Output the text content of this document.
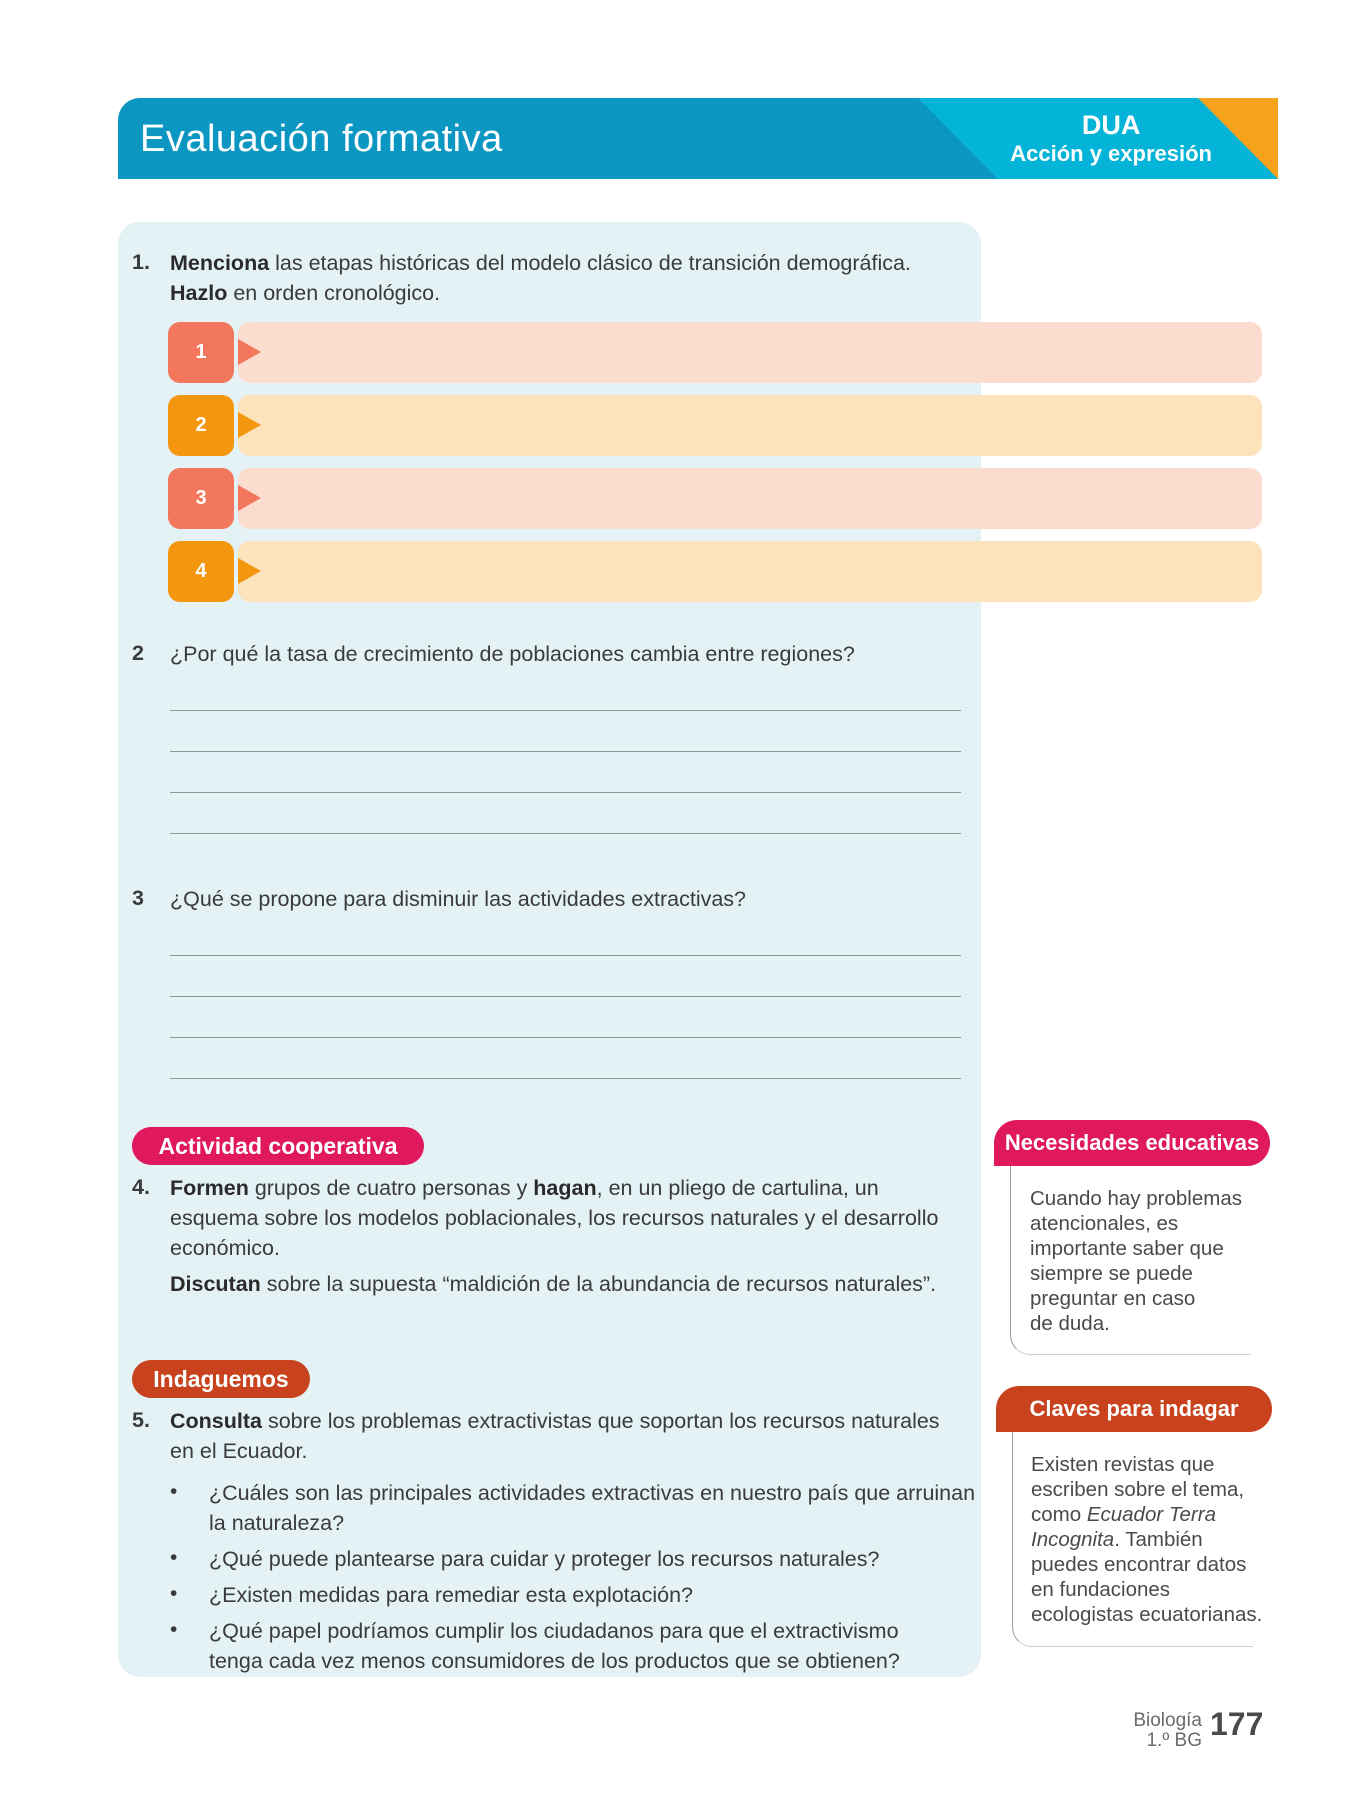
Evaluación formativa	DUA
Acción y expresión
1. Menciona las etapas históricas del modelo clásico de transición demográfica.
Hazlo en orden cronológico.
1
2
3
4
2 ¿Por qué la tasa de crecimiento de poblaciones cambia entre regiones?
3 ¿Qué se propone para disminuir las actividades extractivas?
Actividad cooperativa
4. Formen grupos de cuatro personas y hagan, en un pliego de cartulina, un
esquema sobre los modelos poblacionales, los recursos naturales y el desarrollo
económico.
Discutan sobre la supuesta “maldición de la abundancia de recursos naturales”.
Indaguemos
5. Consulta sobre los problemas extractivistas que soportan los recursos naturales
en el Ecuador.
• ¿Cuáles son las principales actividades extractivas en nuestro país que arruinan
la naturaleza?
• ¿Qué puede plantearse para cuidar y proteger los recursos naturales?
• ¿Existen medidas para remediar esta explotación?
• ¿Qué papel podríamos cumplir los ciudadanos para que el extractivismo
tenga cada vez menos consumidores de los productos que se obtienen?
Necesidades educativas
Cuando hay problemas
atencionales, es
importante saber que
siempre se puede
preguntar en caso
de duda.
Claves para indagar
Existen revistas que
escriben sobre el tema,
como Ecuador Terra
Incognita. También
puedes encontrar datos
en fundaciones
ecologistas ecuatorianas.
Biología
1.º BG 177
